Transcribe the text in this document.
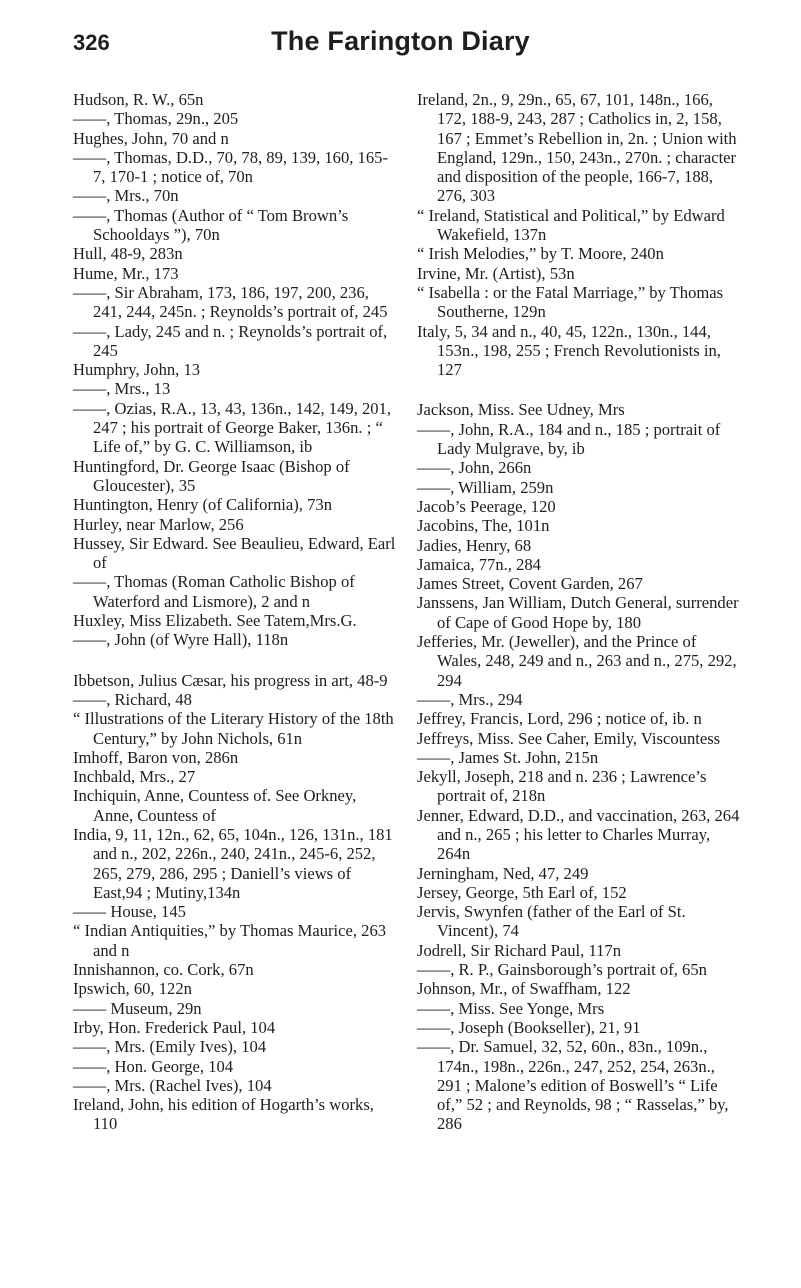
326	The Farington Diary

Hudson, R. W., 65n

——, Thomas, 29n., 205

Hughes, John, 70 and n

——, Thomas, D.D., 70, 78, 89, 139, 160, 165-7, 170-1 ; notice of, 70n

——, Mrs., 70n

——, Thomas (Author of “ Tom Brown’s Schooldays ”), 70n

Hull, 48-9, 283n

Hume, Mr., 173

——, Sir Abraham, 173, 186, 197, 200, 236, 241, 244, 245n. ; Reynolds’s portrait of, 245

——, Lady, 245 and n. ; Reynolds’s portrait of, 245

Humphry, John, 13

——, Mrs., 13

——, Ozias, R.A., 13, 43, 136n., 142, 149, 201, 247 ; his portrait of George Baker, 136n. ; “ Life of,” by G. C. Williamson, ib

Huntingford, Dr. George Isaac (Bishop of Gloucester), 35

Huntington, Henry (of California), 73n

Hurley, near Marlow, 256

Hussey, Sir Edward. See Beaulieu, Edward, Earl of

——, Thomas (Roman Catholic Bishop of Waterford and Lismore), 2 and n

Huxley, Miss Elizabeth. See Tatem,Mrs.G.

——, John (of Wyre Hall), 118n

Ibbetson, Julius Cæsar, his progress in art, 48-9

——, Richard, 48

“ Illustrations of the Literary History of the 18th Century,” by John Nichols, 61n

Imhoff, Baron von, 286n

Inchbald, Mrs., 27

Inchiquin, Anne, Countess of. See Orkney, Anne, Countess of

India, 9, 11, 12n., 62, 65, 104n., 126, 131n., 181 and n., 202, 226n., 240, 241n., 245-6, 252, 265, 279, 286, 295 ; Daniell’s views of East,94 ; Mutiny,134n

—— House, 145

“ Indian Antiquities,” by Thomas Maurice, 263 and n

Innishannon, co. Cork, 67n

Ipswich, 60, 122n

—— Museum, 29n

Irby, Hon. Frederick Paul, 104

——, Mrs. (Emily Ives), 104

——, Hon. George, 104

——, Mrs. (Rachel Ives), 104

Ireland, John, his edition of Hogarth’s works, 110

Ireland, 2n., 9, 29n., 65, 67, 101, 148n., 166, 172, 188-9, 243, 287 ; Catholics in, 2, 158, 167 ; Emmet’s Rebellion in, 2n. ; Union with England, 129n., 150, 243n., 270n. ; character and disposition of the people, 166-7, 188, 276, 303

“ Ireland, Statistical and Political,” by Edward Wakefield, 137n

“ Irish Melodies,” by T. Moore, 240n

Irvine, Mr. (Artist), 53n

“ Isabella : or the Fatal Marriage,” by Thomas Southerne, 129n

Italy, 5, 34 and n., 40, 45, 122n., 130n., 144, 153n., 198, 255 ; French Revolutionists in, 127

Jackson, Miss. See Udney, Mrs

——, John, R.A., 184 and n., 185 ; portrait of Lady Mulgrave, by, ib

——, John, 266n

——, William, 259n

Jacob’s Peerage, 120

Jacobins, The, 101n

Jadies, Henry, 68

Jamaica, 77n., 284

James Street, Covent Garden, 267

Janssens, Jan William, Dutch General, surrender of Cape of Good Hope by, 180

Jefferies, Mr. (Jeweller), and the Prince of Wales, 248, 249 and n., 263 and n., 275, 292, 294

——, Mrs., 294

Jeffrey, Francis, Lord, 296 ; notice of, ib. n

Jeffreys, Miss. See Caher, Emily, Viscountess

——, James St. John, 215n

Jekyll, Joseph, 218 and n. 236 ; Lawrence’s portrait of, 218n

Jenner, Edward, D.D., and vaccination, 263, 264 and n., 265 ; his letter to Charles Murray, 264n

Jerningham, Ned, 47, 249

Jersey, George, 5th Earl of, 152

Jervis, Swynfen (father of the Earl of St. Vincent), 74

Jodrell, Sir Richard Paul, 117n

——, R. P., Gainsborough’s portrait of, 65n

Johnson, Mr., of Swaffham, 122

——, Miss. See Yonge, Mrs

——, Joseph (Bookseller), 21, 91

——, Dr. Samuel, 32, 52, 60n., 83n., 109n., 174n., 198n., 226n., 247, 252, 254, 263n., 291 ; Malone’s edition of Boswell’s “ Life of,” 52 ; and Reynolds, 98 ; “ Rasselas,” by, 286
